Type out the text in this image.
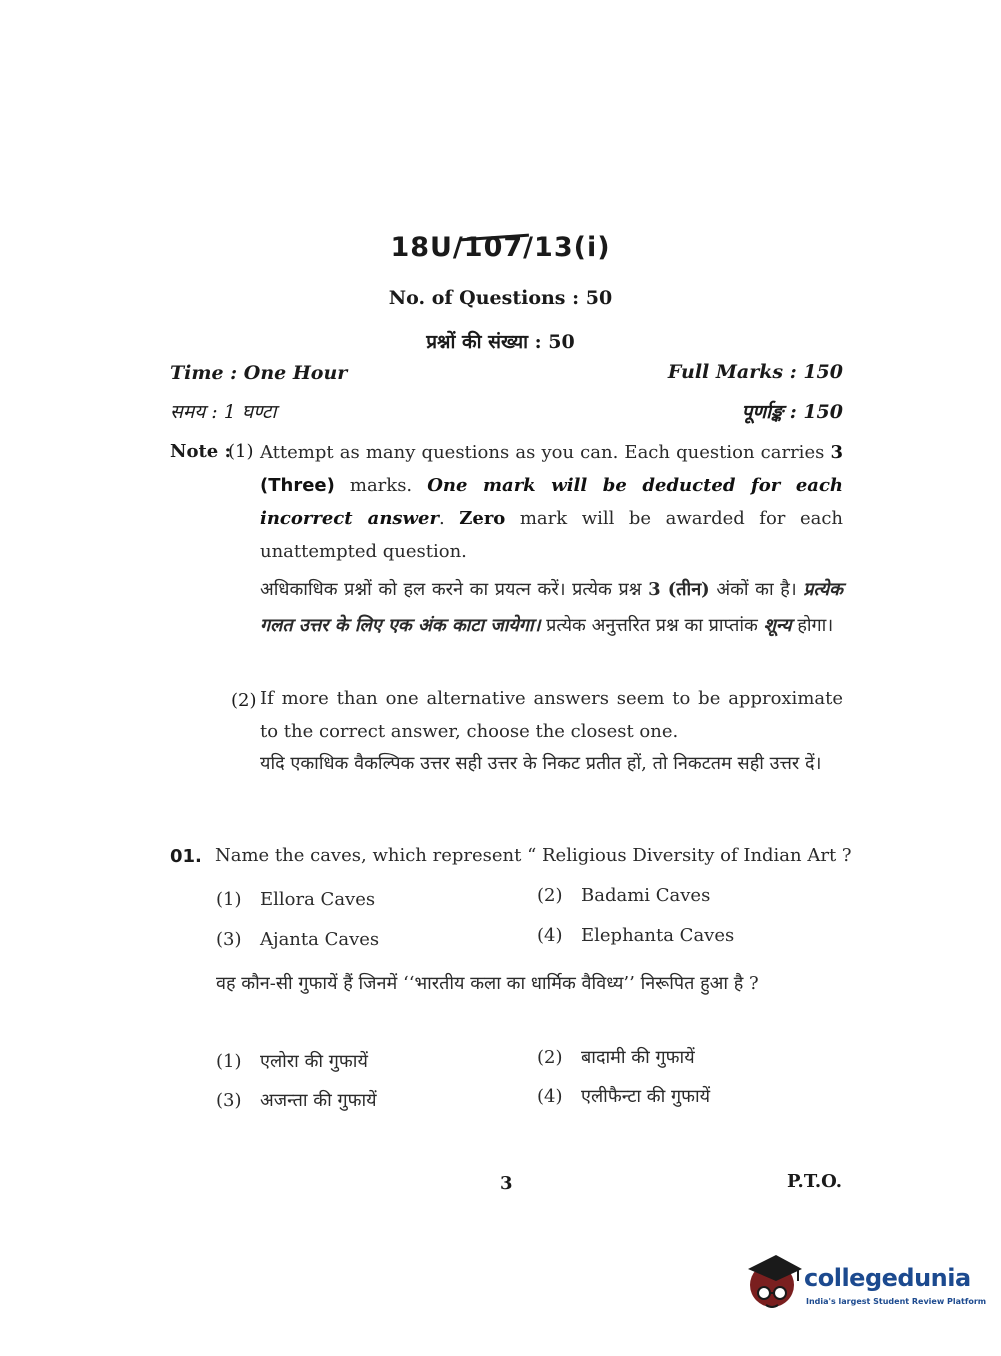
18U/107/13(i)
No. of Questions : 50
प्रश्नों की संख्या : 50
Time : One Hour
समय : 1 घण्टा
Full Marks : 150
पूर्णाङ्क : 150
Note :
(1) Attempt as many questions as you can. Each question carries 3 (Three) marks. One mark will be deducted for each incorrect answer. Zero mark will be awarded for each unattempted question.
अधिकाधिक प्रश्नों को हल करने का प्रयत्न करें। प्रत्येक प्रश्न 3 (तीन) अंकों का है। प्रत्येक गलत उत्तर के लिए एक अंक काटा जायेगा। प्रत्येक अनुत्तरित प्रश्न का प्राप्तांक शून्य होगा।
(2) If more than one alternative answers seem to be approximate to the correct answer, choose the closest one.
यदि एकाधिक वैकल्पिक उत्तर सही उत्तर के निकट प्रतीत हों, तो निकटतम सही उत्तर दें।
01. Name the caves, which represent “ Religious Diversity of Indian Art ?
(1) Ellora Caves	(2) Badami Caves
(3) Ajanta Caves	(4) Elephanta Caves
वह कौन-सी गुफायें हैं जिनमें ‘‘भारतीय कला का धार्मिक वैविध्य’’ निरूपित हुआ है ?
(1) एलोरा की गुफायें	(2) बादामी की गुफायें
(3) अजन्ता की गुफायें	(4) एलीफैन्टा की गुफायें
3	P.T.O.
collegedunia
India's largest Student Review Platform
